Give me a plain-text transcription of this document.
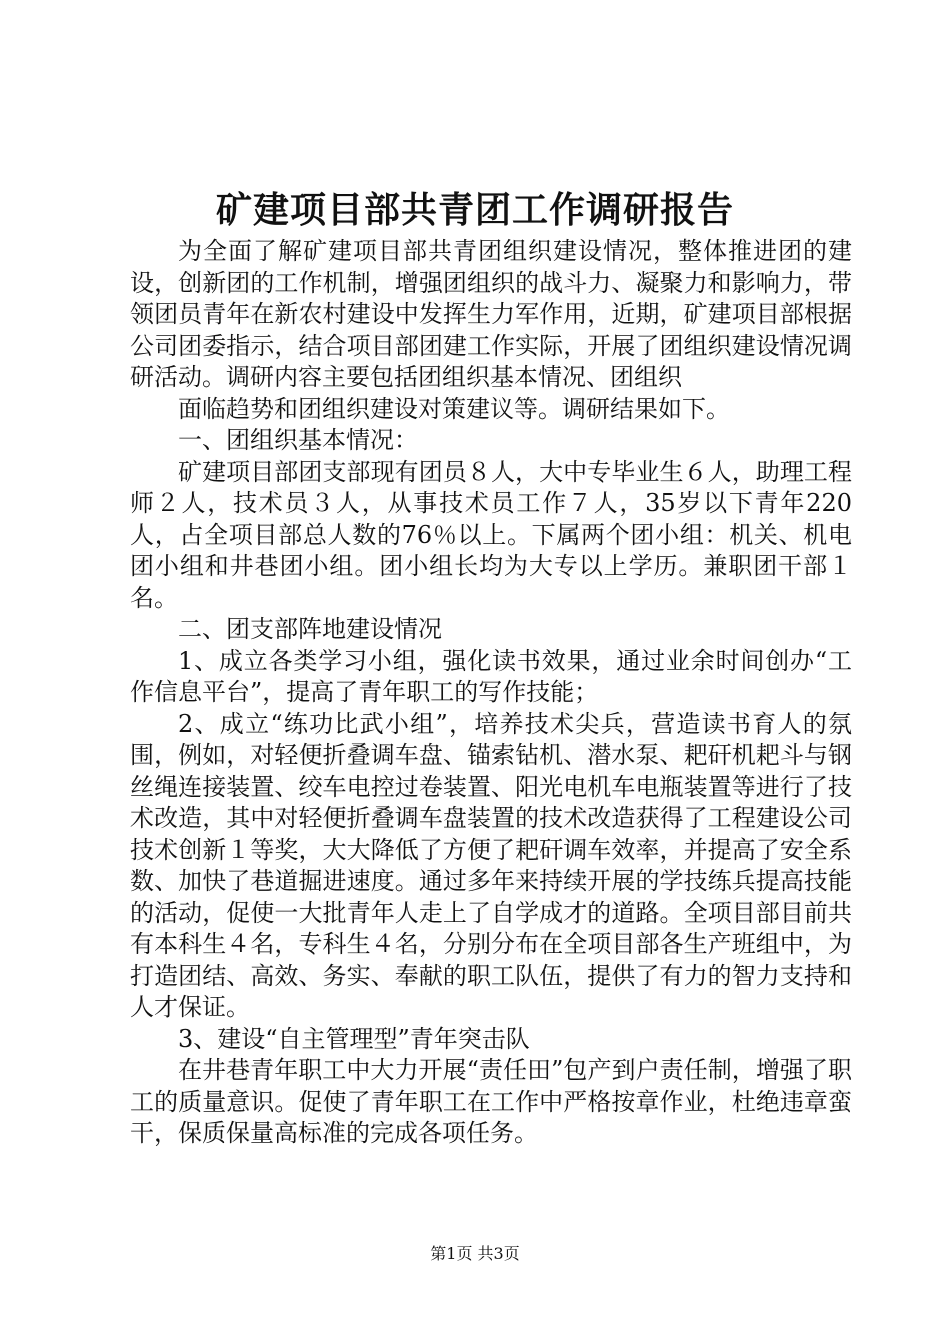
矿建项目部共青团工作调研报告

为全面了解矿建项目部共青团组织建设情况，整体推进团的建设，创新团的工作机制，增强团组织的战斗力、凝聚力和影响力，带领团员青年在新农村建设中发挥生力军作用，近期，矿建项目部根据公司团委指示，结合项目部团建工作实际，开展了团组织建设情况调研活动。调研内容主要包括团组织基本情况、团组织

面临趋势和团组织建设对策建议等。调研结果如下。

一、团组织基本情况：

矿建项目部团支部现有团员８人，大中专毕业生６人，助理工程师２人，技术员３人，从事技术员工作７人，35岁以下青年220人，占全项目部总人数的76％以上。下属两个团小组：机关、机电团小组和井巷团小组。团小组长均为大专以上学历。兼职团干部１名。

二、团支部阵地建设情况

1、成立各类学习小组，强化读书效果，通过业余时间创办“工作信息平台”，提高了青年职工的写作技能；

2、成立“练功比武小组”，培养技术尖兵，营造读书育人的氛围，例如，对轻便折叠调车盘、锚索钻机、潜水泵、耙矸机耙斗与钢丝绳连接装置、绞车电控过卷装置、阳光电机车电瓶装置等进行了技术改造，其中对轻便折叠调车盘装置的技术改造获得了工程建设公司技术创新１等奖，大大降低了方便了耙矸调车效率，并提高了安全系数、加快了巷道掘进速度。通过多年来持续开展的学技练兵提高技能的活动，促使一大批青年人走上了自学成才的道路。全项目部目前共有本科生４名，专科生４名，分别分布在全项目部各生产班组中，为打造团结、高效、务实、奉献的职工队伍，提供了有力的智力支持和人才保证。

3、建设“自主管理型”青年突击队

在井巷青年职工中大力开展“责任田”包产到户责任制，增强了职工的质量意识。促使了青年职工在工作中严格按章作业，杜绝违章蛮干，保质保量高标准的完成各项任务。

第1页 共3页
